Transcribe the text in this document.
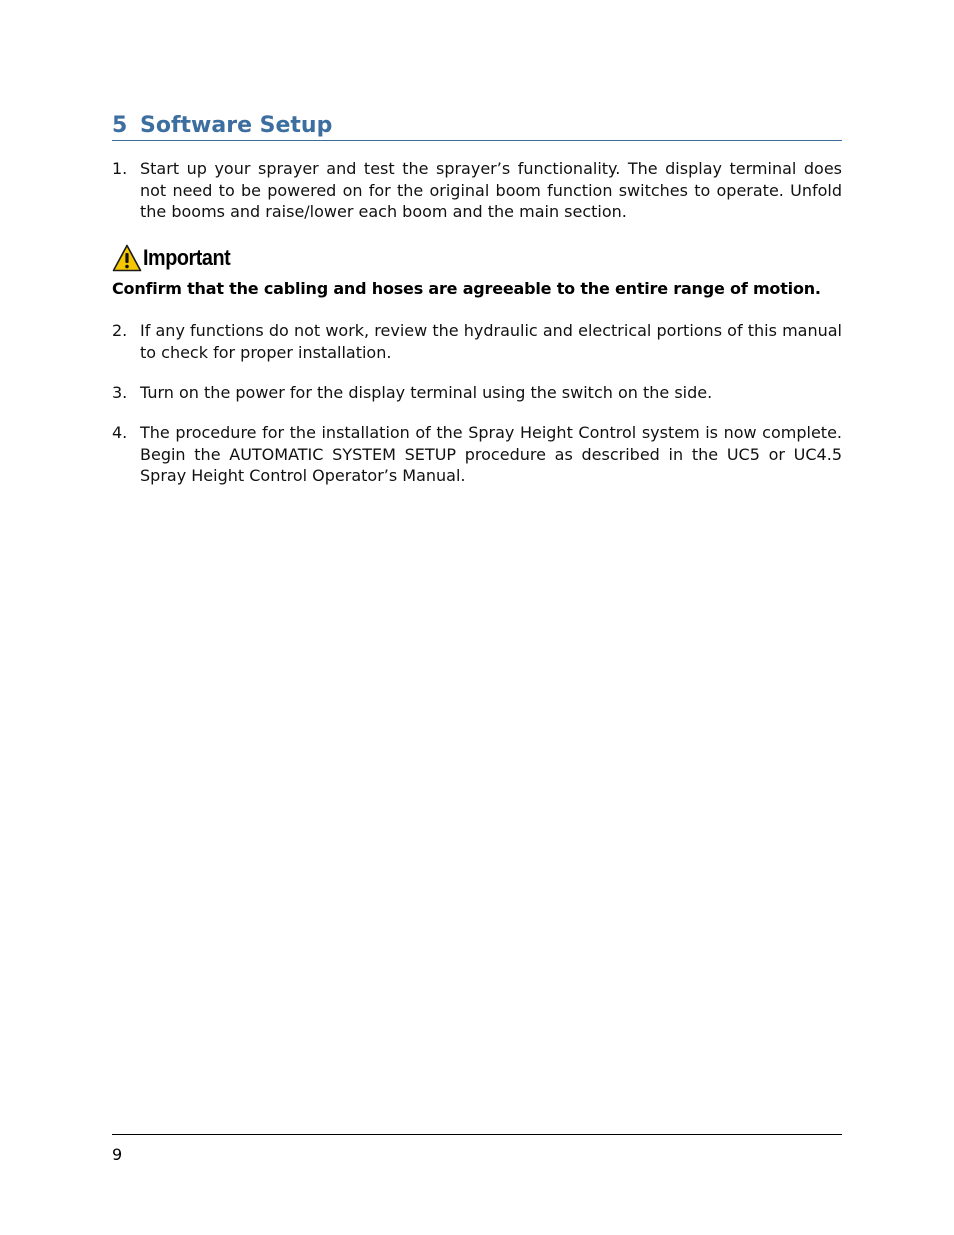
5 Software Setup
1. Start up your sprayer and test the sprayer’s functionality. The display terminal does not need to be powered on for the original boom function switches to operate. Unfold the booms and raise/lower each boom and the main section.
Important
Confirm that the cabling and hoses are agreeable to the entire range of motion.
2. If any functions do not work, review the hydraulic and electrical portions of this manual to check for proper installation.
3. Turn on the power for the display terminal using the switch on the side.
4. The procedure for the installation of the Spray Height Control system is now complete. Begin the AUTOMATIC SYSTEM SETUP procedure as described in the UC5 or UC4.5 Spray Height Control Operator’s Manual.
9
